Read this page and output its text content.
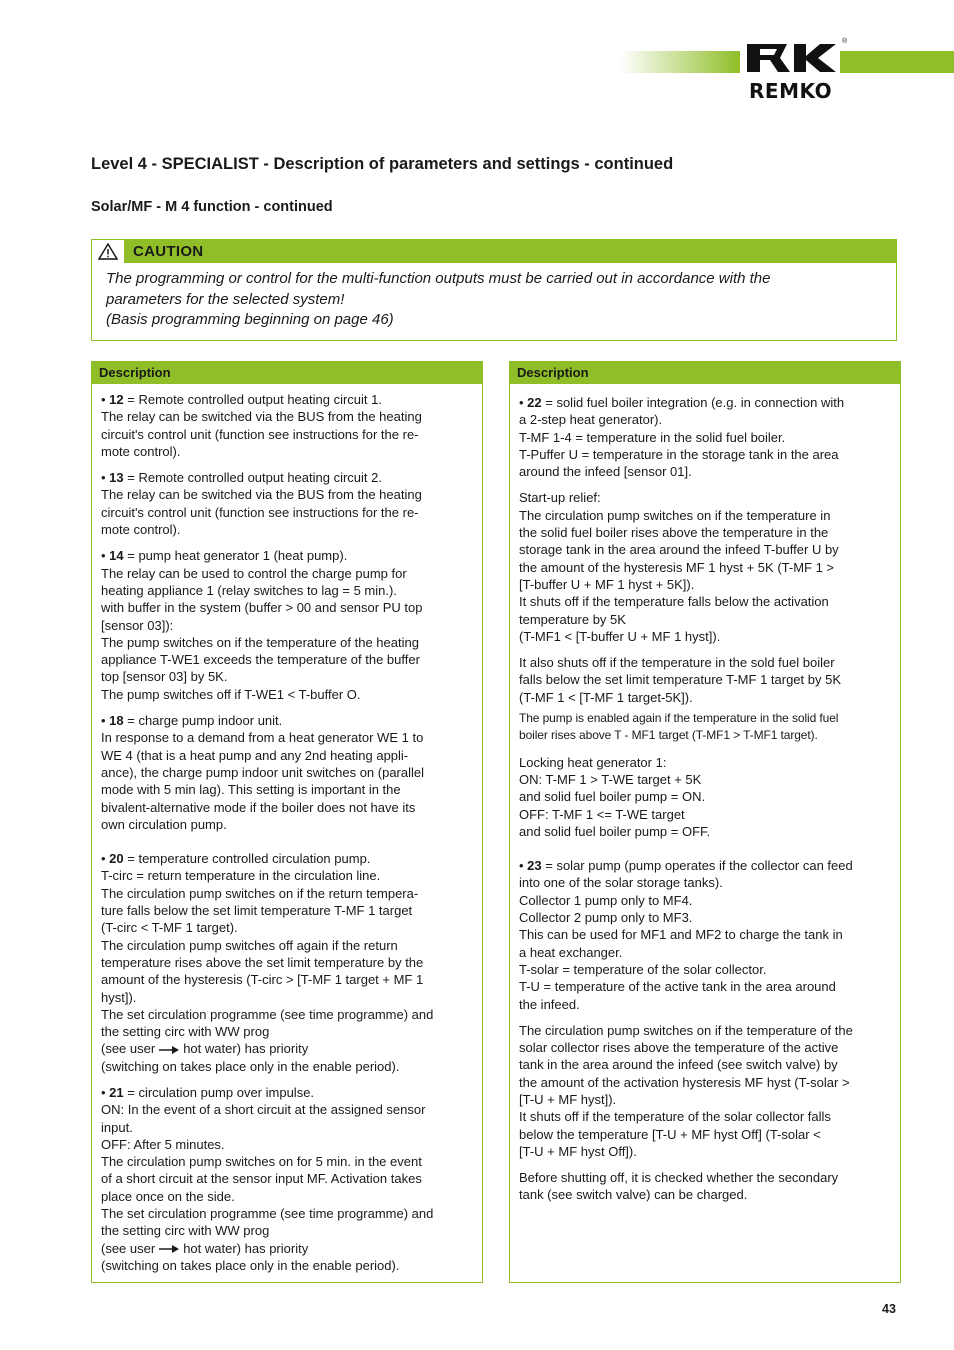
®
REMKO
Level 4 - SPECIALIST - Description of parameters and settings - continued
Solar/MF - M 4 function - continued
CAUTION
The programming or control for the multi-function outputs must be carried out in accordance with the
parameters for the selected system!
(Basis programming beginning on page 46)
Description
• 12 = Remote controlled output heating circuit 1.
The relay can be switched via the BUS from the heating
circuit's control unit (function see instructions for the re-
mote control).
• 13 = Remote controlled output heating circuit 2.
The relay can be switched via the BUS from the heating
circuit's control unit (function see instructions for the re-
mote control).
• 14 = pump heat generator 1 (heat pump).
The relay can be used to control the charge pump for
heating appliance 1 (relay switches to lag = 5 min.).
with buffer in the system (buffer > 00 and sensor PU top
[sensor 03]):
The pump switches on if the temperature of the heating
appliance T-WE1 exceeds the temperature of the buffer
top [sensor 03] by 5K.
The pump switches off if T-WE1 < T-buffer O.
• 18 = charge pump indoor unit.
In response to a demand from a heat generator WE 1 to
WE 4 (that is a heat pump and any 2nd heating appli-
ance), the charge pump indoor unit switches on (parallel
mode with 5 min lag). This setting is important in the
bivalent-alternative mode if the boiler does not have its
own circulation pump.
• 20 = temperature controlled circulation pump.
T-circ = return temperature in the circulation line.
The circulation pump switches on if the return tempera-
ture falls below the set limit temperature T-MF 1 target
(T-circ < T-MF 1 target).
The circulation pump switches off again if the return
temperature rises above the set limit temperature by the
amount of the hysteresis (T-circ > [T-MF 1 target + MF 1
hyst]).
The set circulation programme (see time programme) and
the setting circ with WW prog
(see user hot water) has priority
(switching on takes place only in the enable period).
• 21 = circulation pump over impulse.
ON: In the event of a short circuit at the assigned sensor
input.
OFF: After 5 minutes.
The circulation pump switches on for 5 min. in the event
of a short circuit at the sensor input MF. Activation takes
place once on the side.
The set circulation programme (see time programme) and
the setting circ with WW prog
(see user hot water) has priority
(switching on takes place only in the enable period).
Description
• 22 = solid fuel boiler integration (e.g. in connection with
a 2-step heat generator).
T-MF 1-4 = temperature in the solid fuel boiler.
T-Puffer U = temperature in the storage tank in the area
around the infeed [sensor 01].
Start-up relief:
The circulation pump switches on if the temperature in
the solid fuel boiler rises above the temperature in the
storage tank in the area around the infeed T-buffer U by
the amount of the hysteresis MF 1 hyst + 5K (T-MF 1 >
[T-buffer U + MF 1 hyst + 5K]).
It shuts off if the temperature falls below the activation
temperature by 5K
(T-MF1 < [T-buffer U + MF 1 hyst]).
It also shuts off if the temperature in the sold fuel boiler
falls below the set limit temperature T-MF 1 target by 5K
(T-MF 1 < [T-MF 1 target-5K]).
The pump is enabled again if the temperature in the solid fuel
boiler rises above T - MF1 target (T-MF1 > T-MF1 target).
Locking heat generator 1:
ON: T-MF 1 > T-WE target + 5K
and solid fuel boiler pump = ON.
OFF: T-MF 1 <= T-WE target
and solid fuel boiler pump = OFF.
• 23 = solar pump (pump operates if the collector can feed
into one of the solar storage tanks).
Collector 1 pump only to MF4.
Collector 2 pump only to MF3.
This can be used for MF1 and MF2 to charge the tank in
a heat exchanger.
T-solar = temperature of the solar collector.
T-U = temperature of the active tank in the area around
the infeed.
The circulation pump switches on if the temperature of the
solar collector rises above the temperature of the active
tank in the area around the infeed (see switch valve) by
the amount of the activation hysteresis MF hyst (T-solar >
[T-U + MF hyst]).
It shuts off if the temperature of the solar collector falls
below the temperature [T-U + MF hyst Off] (T-solar <
[T-U + MF hyst Off]).
Before shutting off, it is checked whether the secondary
tank (see switch valve) can be charged.
43
